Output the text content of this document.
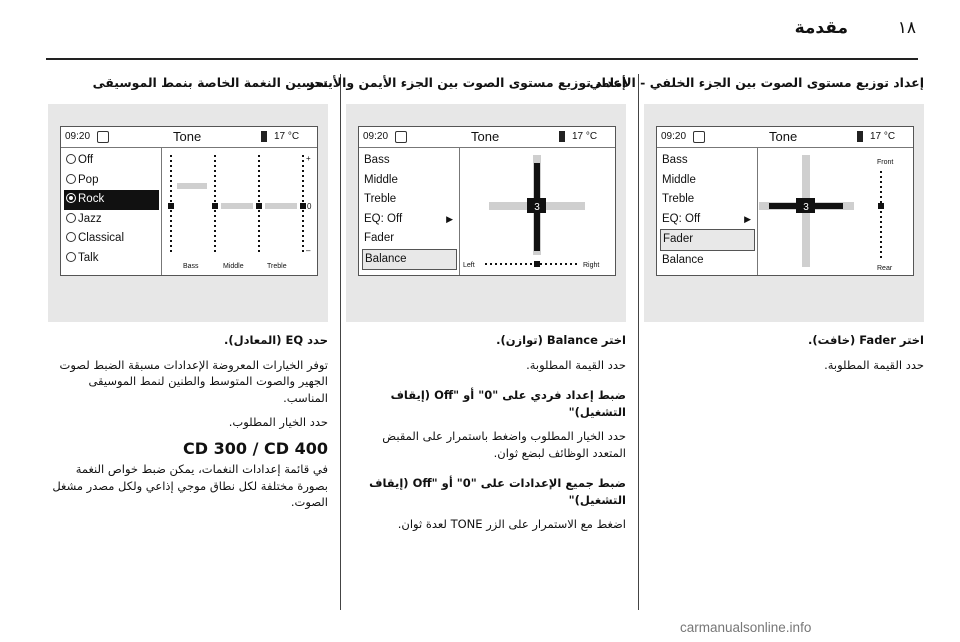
١٨
مقدمة
إعداد توزيع مستوى الصوت بين الجزء الخلفي - الأمامي
09:20	Tone	17 °C
Bass
Middle
Treble
EQ: Off	▶
Fader
Balance
3
Front
Rear

اختر Fader (خافت).

حدد القيمة المطلوبة.

إعداد توزيع مستوى الصوت بين الجزء الأيمن والأيسر
09:20	Tone	17 °C
Bass
Middle
Treble
EQ: Off	▶
Fader
Balance
3
Left	Right

اختر Balance (توازن).

حدد القيمة المطلوبة.

ضبط إعداد فردي على "0" أو "Off (إيقاف التشغيل)"

حدد الخيار المطلوب واضغط باستمرار على المقبض المتعدد الوظائف لبضع ثوان.

ضبط جميع الإعدادات على "0" أو "Off (إيقاف التشغيل)"

اضغط مع الاستمرار على الزر TONE لعدة ثوان.

تحسين النغمة الخاصة بنمط الموسيقى
09:20	Tone	17 °C
Off
Pop
Rock
Jazz
Classical
Talk
+
0
–
Bass	Middle	Treble

حدد EQ (المعادل).

توفر الخيارات المعروضة الإعدادات مسبقة الضبط لصوت الجهير والصوت المتوسط والطنين لنمط الموسيقى المناسب.

حدد الخيار المطلوب.

CD 300 / CD 400

في قائمة إعدادات النغمات، يمكن ضبط خواص النغمة بصورة مختلفة لكل نطاق موجي إذاعي ولكل مصدر مشغل الصوت.

carmanualsonline.info
